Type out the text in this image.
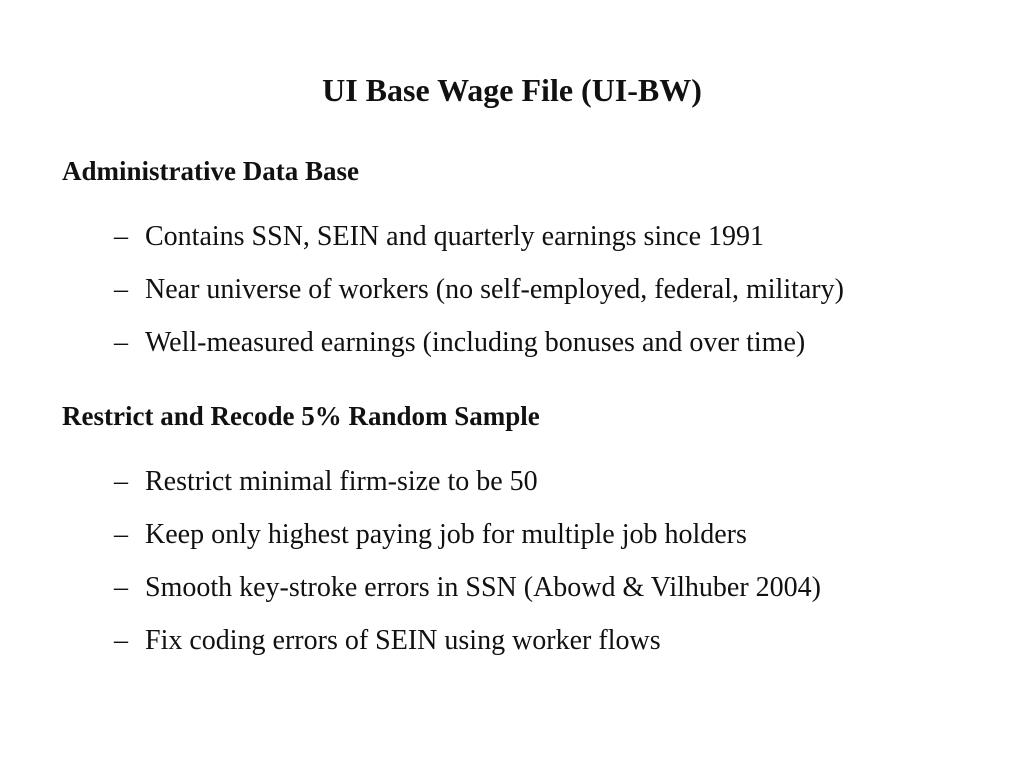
UI Base Wage File (UI-BW)
Administrative Data Base
– Contains SSN, SEIN and quarterly earnings since 1991
– Near universe of workers (no self-employed, federal, military)
– Well-measured earnings (including bonuses and over time)
Restrict and Recode 5% Random Sample
– Restrict minimal firm-size to be 50
– Keep only highest paying job for multiple job holders
– Smooth key-stroke errors in SSN (Abowd & Vilhuber 2004)
– Fix coding errors of SEIN using worker flows
